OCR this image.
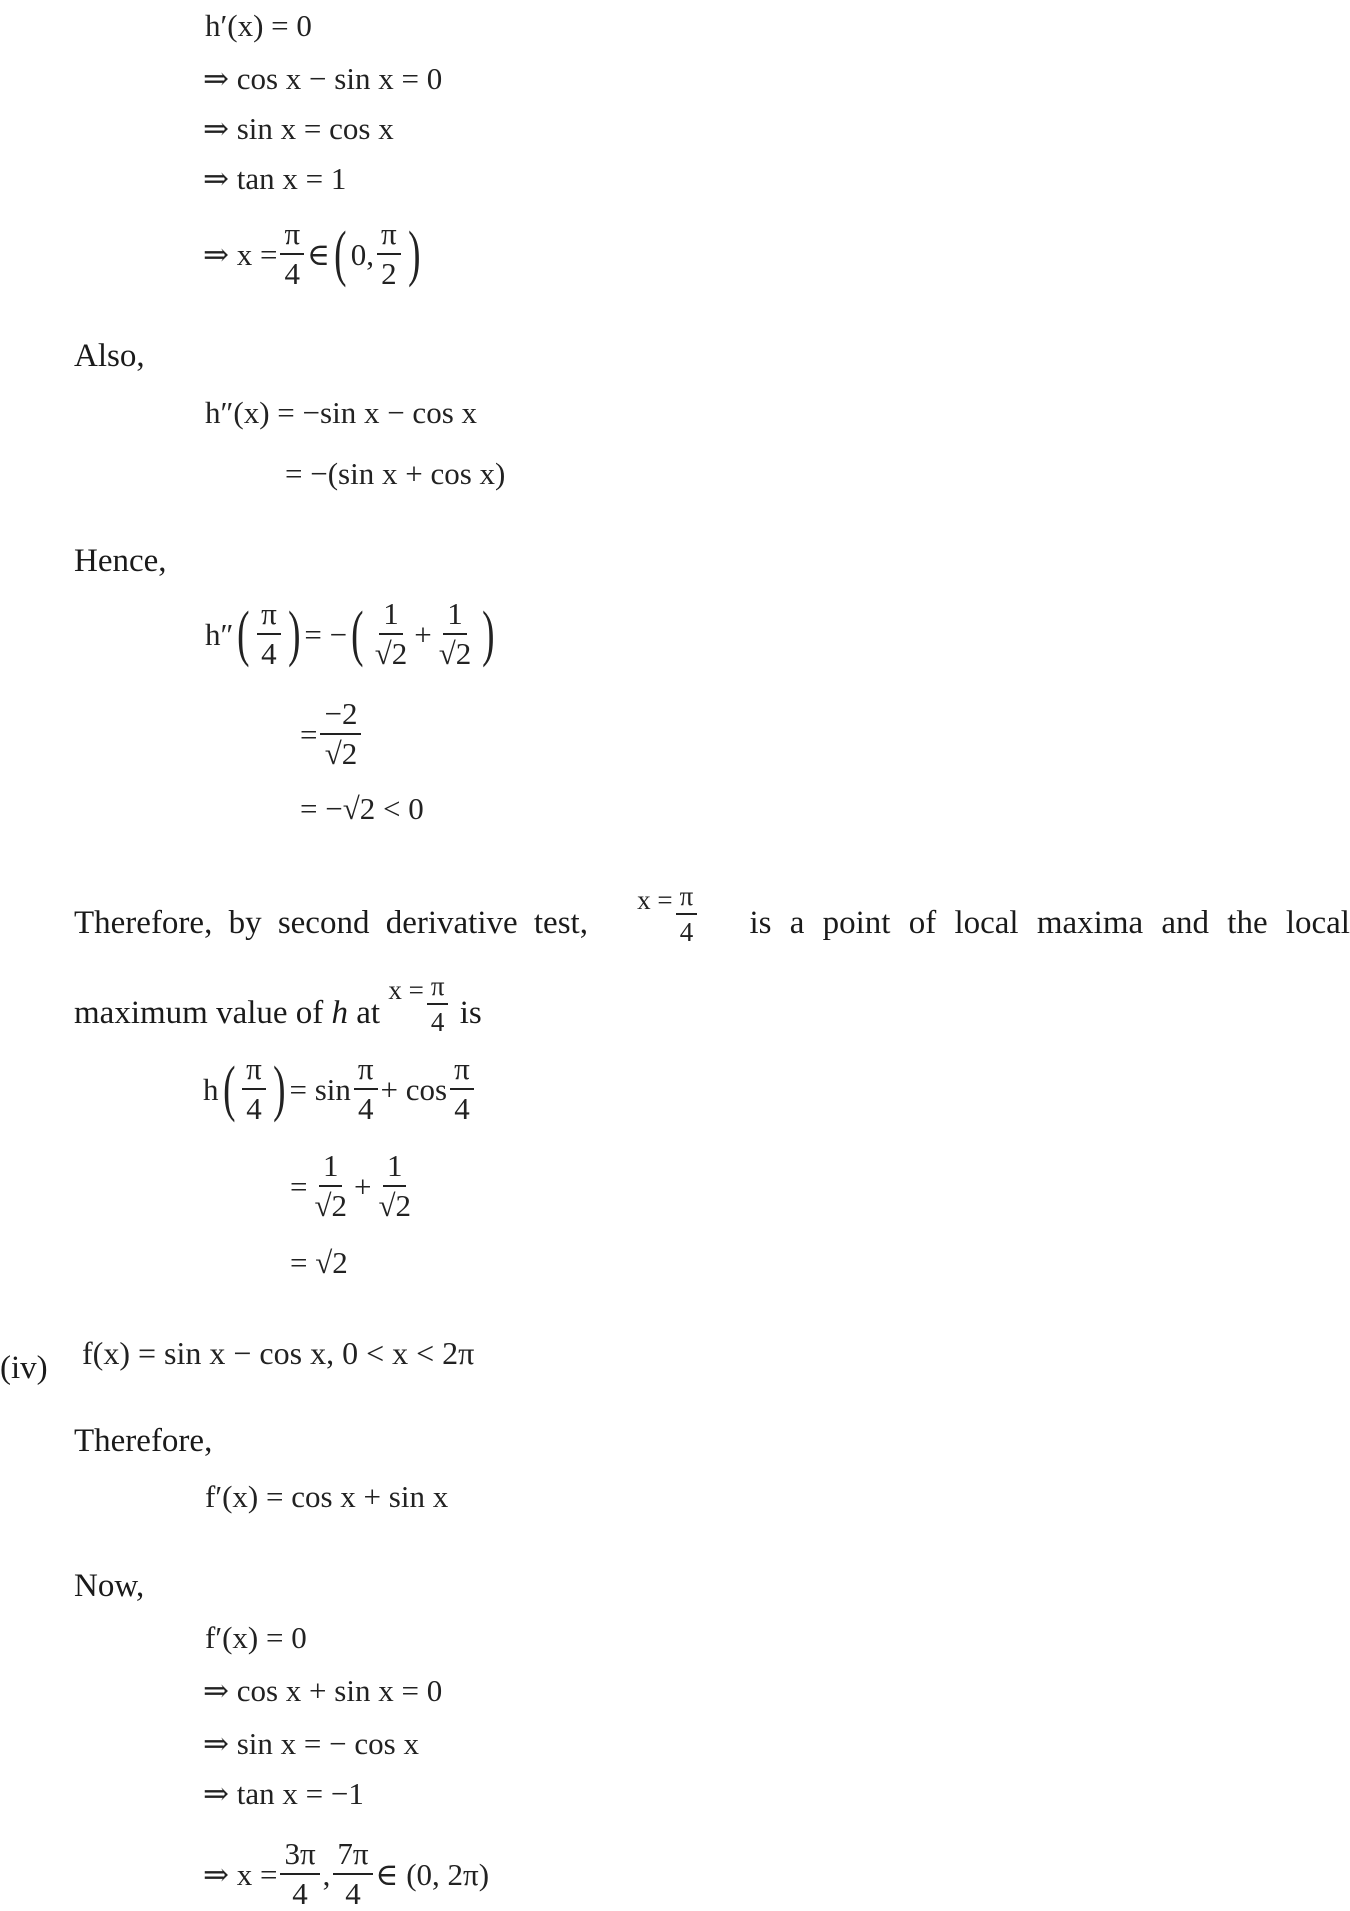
h′(x) = 0
⇒ cos x − sin x = 0
⇒ sin x = cos x
⇒ tan x = 1
⇒
$x = \frac{\pi}{4}$ ∈ ( 0, $\frac{\pi}{2}$ )
Also,
h″(x) = −sin x − cos x
= −(sin x + cos x)
Hence,
h″ ( $\frac{\pi}{4}$ ) = − ( $\frac{1}{√2} + \frac{1}{√2}$ )
= $\frac{-2}{√2}$
= −√2 < 0
Therefore, by second derivative test,
$x = \frac{\pi}{4}$ is a point of local maxima and the local
maximum value of
h
at

$x = \frac{\pi}{4}$
is
h ( $\frac{\pi}{4}$ ) = $\sin \frac{\pi}{4} + \cos \frac{\pi}{4}$
= $\frac{1}{√2} + \frac{1}{√2}$
= √2
(iv) f(x) = sin x − cos x, 0 < x < 2π
Therefore,
f′(x) = cos x + sin x
Now,
f′(x) = 0
⇒ cos x + sin x = 0
⇒ sin x = − cos x
⇒ tan x = −1
⇒
$x = \frac{3\pi}{4}$ , $\frac{7\pi}{4}$ ∈ (0, 2π)
